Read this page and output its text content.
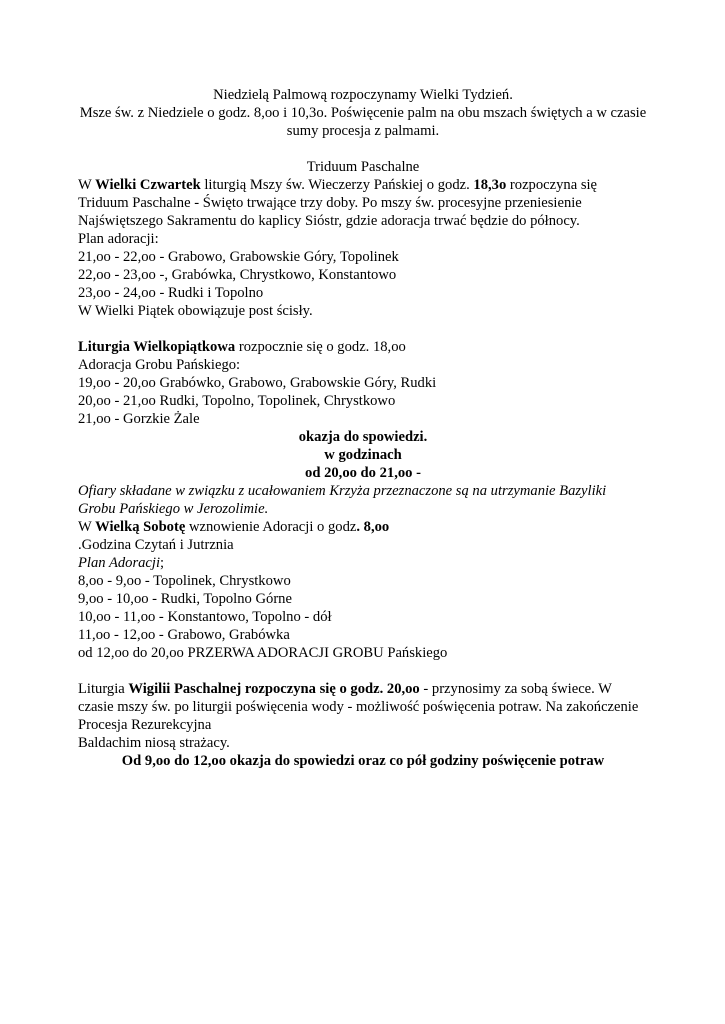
Niedzielą Palmową rozpoczynamy Wielki Tydzień.
Msze św. z Niedziele o godz. 8,oo i 10,3o. Poświęcenie palm na obu mszach świętych a w czasie
sumy procesja z palmami.
Triduum Paschalne
W Wielki Czwartek liturgią Mszy św. Wieczerzy Pańskiej o godz. 18,3o rozpoczyna się
Triduum Paschalne - Święto trwające trzy doby. Po mszy św. procesyjne przeniesienie
Najświętszego Sakramentu do kaplicy Sióstr, gdzie adoracja trwać będzie do północy.
Plan adoracji:
21,oo - 22,oo - Grabowo, Grabowskie Góry, Topolinek
22,oo - 23,oo -, Grabówka, Chrystkowo, Konstantowo
23,oo - 24,oo - Rudki i Topolno
W Wielki Piątek obowiązuje post ścisły.
Liturgia Wielkopiątkowa rozpocznie się o godz. 18,oo
Adoracja Grobu Pańskiego:
19,oo - 20,oo Grabówko, Grabowo, Grabowskie Góry, Rudki
20,oo - 21,oo Rudki, Topolno, Topolinek, Chrystkowo
21,oo - Gorzkie Żale
okazja do spowiedzi.
w godzinach
od 20,oo do 21,oo -
Ofiary składane w związku z ucałowaniem Krzyża przeznaczone są na utrzymanie Bazyliki
Grobu Pańskiego w Jerozolimie.
W Wielką Sobotę wznowienie Adoracji o godz. 8,oo
.Godzina Czytań i Jutrznia
Plan Adoracji;
8,oo - 9,oo - Topolinek, Chrystkowo
9,oo - 10,oo - Rudki, Topolno Górne
10,oo - 11,oo - Konstantowo, Topolno - dół
11,oo - 12,oo - Grabowo, Grabówka
od 12,oo do 20,oo PRZERWA ADORACJI GROBU Pańskiego
Liturgia Wigilii Paschalnej rozpoczyna się o godz. 20,oo - przynosimy za sobą świece. W
czasie mszy św. po liturgii poświęcenia wody - możliwość poświęcenia potraw. Na zakończenie
Procesja Rezurekcyjna
Baldachim niosą strażacy.
Od 9,oo do 12,oo okazja do spowiedzi oraz co pół godziny poświęcenie potraw
